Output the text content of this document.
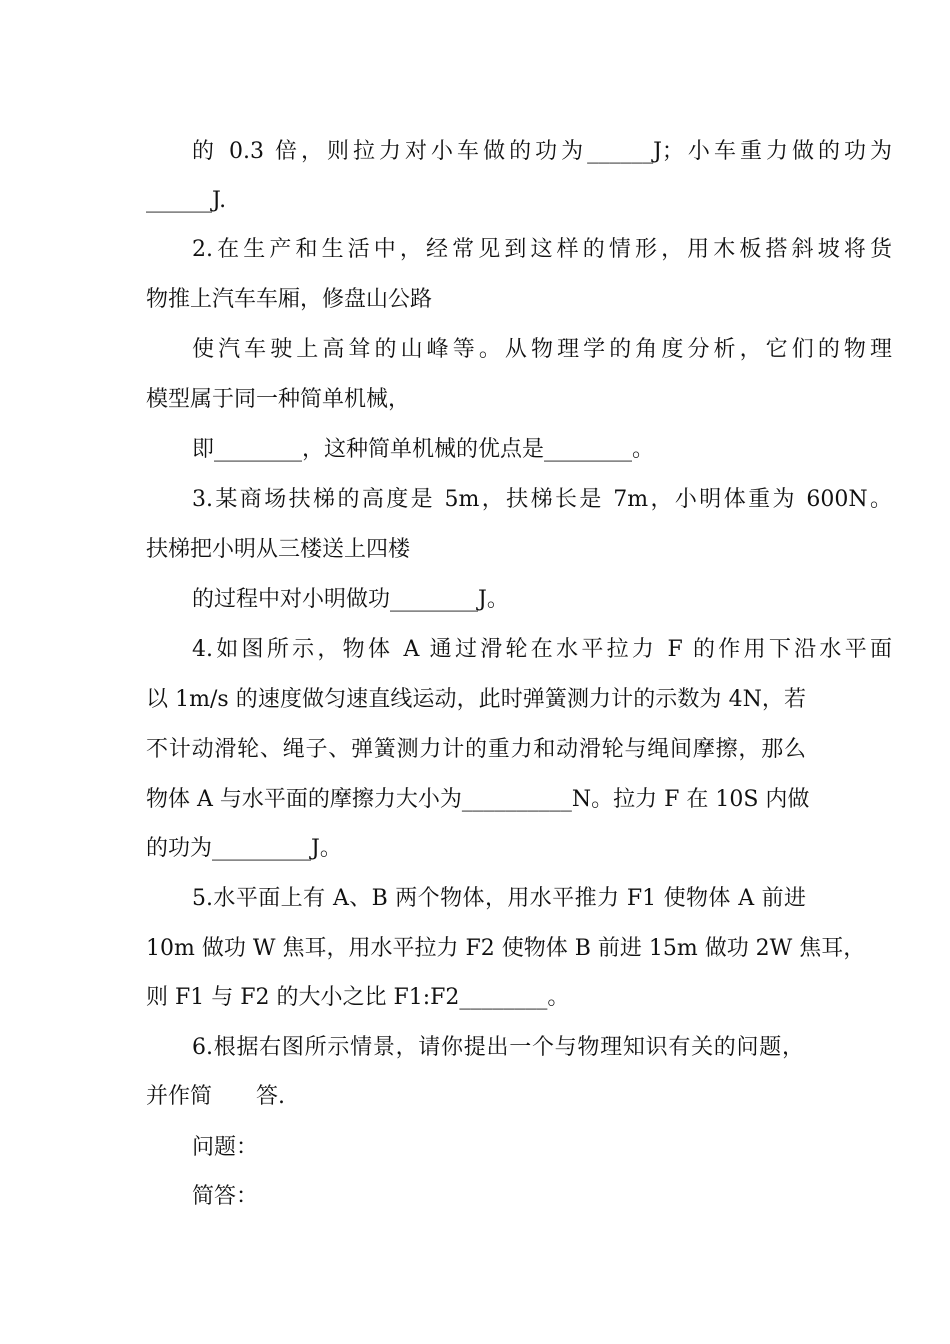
的 0.3 倍，则拉力对小车做的功为______J；小车重力做的功为
______J.
2.在生产和生活中，经常见到这样的情形，用木板搭斜坡将货
物推上汽车车厢，修盘山公路
使汽车驶上高耸的山峰等。从物理学的角度分析，它们的物理
模型属于同一种简单机械，
即________，这种简单机械的优点是________。
3.某商场扶梯的高度是 5m，扶梯长是 7m，小明体重为 600N。
扶梯把小明从三楼送上四楼
的过程中对小明做功________J。
4.如图所示，物体 A 通过滑轮在水平拉力 F 的作用下沿水平面
以 1m/s 的速度做匀速直线运动，此时弹簧测力计的示数为 4N，若
不计动滑轮、绳子、弹簧测力计的重力和动滑轮与绳间摩擦，那么
物体 A 与水平面的摩擦力大小为__________N。拉力 F 在 10S 内做
的功为_________J。
5.水平面上有 A、B 两个物体，用水平推力 F1 使物体 A 前进
10m 做功 W 焦耳，用水平拉力 F2 使物体 B 前进 15m 做功 2W 焦耳，
则 F1 与 F2 的大小之比 F1:F2________。
6.根据右图所示情景，请你提出一个与物理知识有关的问题，
并作简　　答.
问题：
简答：
